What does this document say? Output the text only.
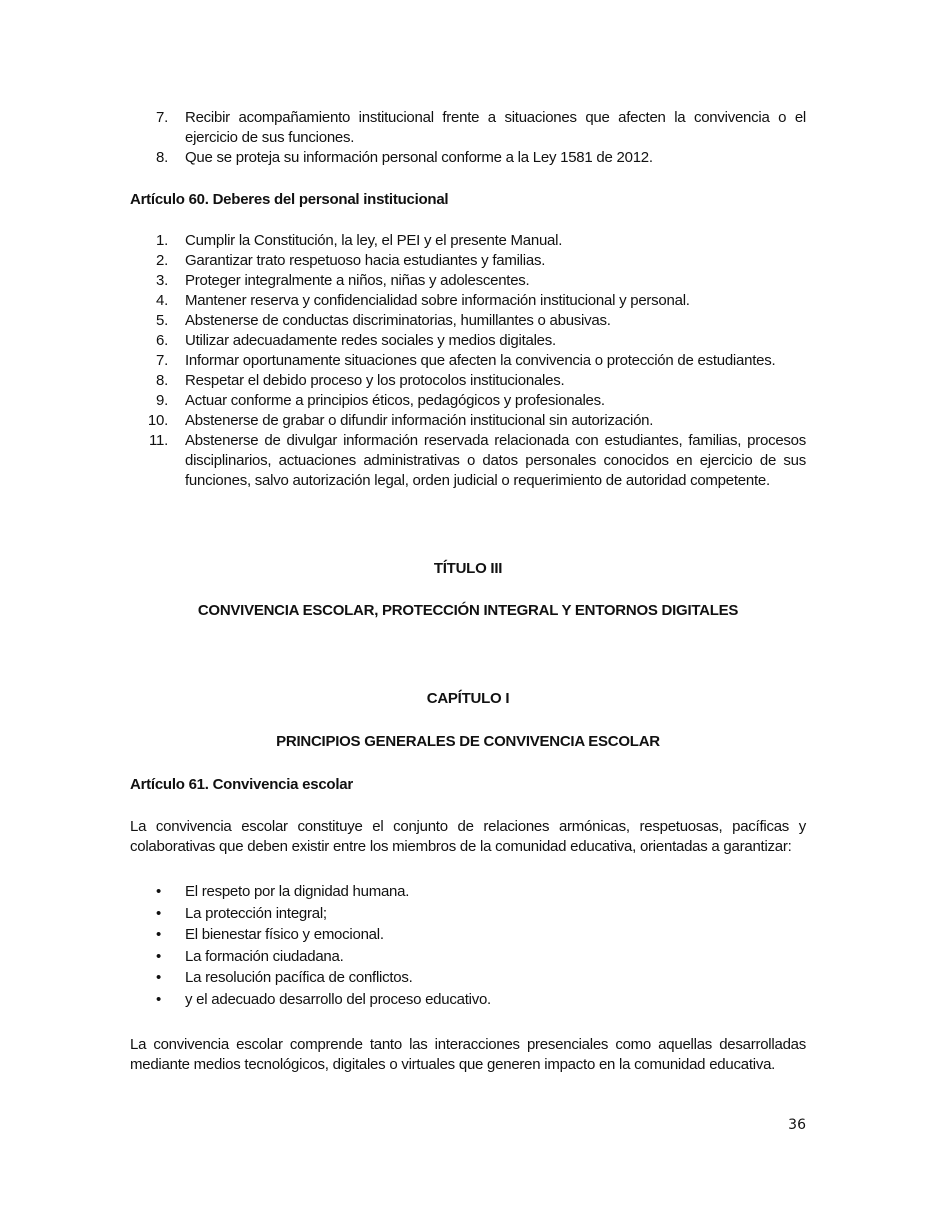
7. Recibir acompañamiento institucional frente a situaciones que afecten la convivencia o el ejercicio de sus funciones.
8. Que se proteja su información personal conforme a la Ley 1581 de 2012.
Artículo 60. Deberes del personal institucional
1. Cumplir la Constitución, la ley, el PEI y el presente Manual.
2. Garantizar trato respetuoso hacia estudiantes y familias.
3. Proteger integralmente a niños, niñas y adolescentes.
4. Mantener reserva y confidencialidad sobre información institucional y personal.
5. Abstenerse de conductas discriminatorias, humillantes o abusivas.
6. Utilizar adecuadamente redes sociales y medios digitales.
7. Informar oportunamente situaciones que afecten la convivencia o protección de estudiantes.
8. Respetar el debido proceso y los protocolos institucionales.
9. Actuar conforme a principios éticos, pedagógicos y profesionales.
10. Abstenerse de grabar o difundir información institucional sin autorización.
11. Abstenerse de divulgar información reservada relacionada con estudiantes, familias, procesos disciplinarios, actuaciones administrativas o datos personales conocidos en ejercicio de sus funciones, salvo autorización legal, orden judicial o requerimiento de autoridad competente.
TÍTULO III
CONVIVENCIA ESCOLAR, PROTECCIÓN INTEGRAL Y ENTORNOS DIGITALES
CAPÍTULO I
PRINCIPIOS GENERALES DE CONVIVENCIA ESCOLAR
Artículo 61. Convivencia escolar

La convivencia escolar constituye el conjunto de relaciones armónicas, respetuosas, pacíficas y colaborativas que deben existir entre los miembros de la comunidad educativa, orientadas a garantizar:

• El respeto por la dignidad humana.
• La protección integral;
• El bienestar físico y emocional.
• La formación ciudadana.
• La resolución pacífica de conflictos.
• y el adecuado desarrollo del proceso educativo.

La convivencia escolar comprende tanto las interacciones presenciales como aquellas desarrolladas mediante medios tecnológicos, digitales o virtuales que generen impacto en la comunidad educativa.

36
